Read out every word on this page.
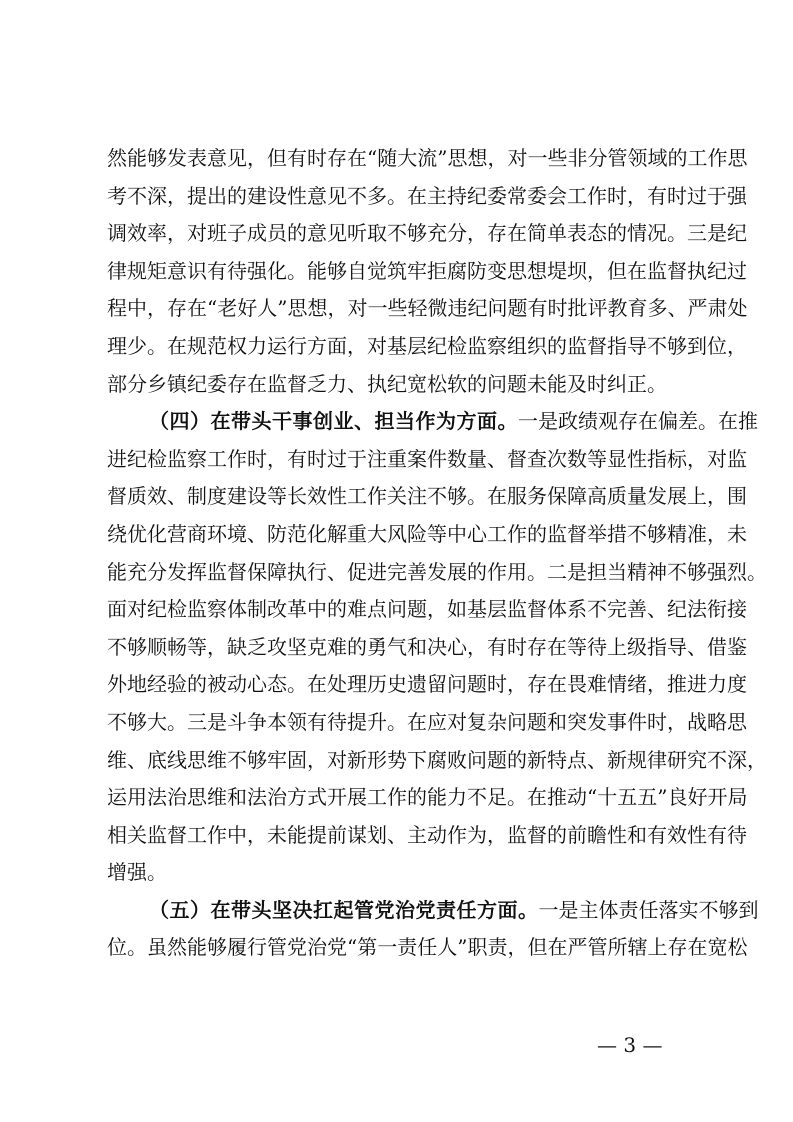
然能够发表意见，但有时存在“随大流”思想，对一些非分管领域的工作思
考不深，提出的建设性意见不多。在主持纪委常委会工作时，有时过于强
调效率，对班子成员的意见听取不够充分，存在简单表态的情况。三是纪
律规矩意识有待强化。能够自觉筑牢拒腐防变思想堤坝，但在监督执纪过
程中，存在“老好人”思想，对一些轻微违纪问题有时批评教育多、严肃处
理少。在规范权力运行方面，对基层纪检监察组织的监督指导不够到位，
部分乡镇纪委存在监督乏力、执纪宽松软的问题未能及时纠正。
（四）在带头干事创业、担当作为方面。一是政绩观存在偏差。在推
进纪检监察工作时，有时过于注重案件数量、督查次数等显性指标，对监
督质效、制度建设等长效性工作关注不够。在服务保障高质量发展上，围
绕优化营商环境、防范化解重大风险等中心工作的监督举措不够精准，未
能充分发挥监督保障执行、促进完善发展的作用。二是担当精神不够强烈。
面对纪检监察体制改革中的难点问题，如基层监督体系不完善、纪法衔接
不够顺畅等，缺乏攻坚克难的勇气和决心，有时存在等待上级指导、借鉴
外地经验的被动心态。在处理历史遗留问题时，存在畏难情绪，推进力度
不够大。三是斗争本领有待提升。在应对复杂问题和突发事件时，战略思
维、底线思维不够牢固，对新形势下腐败问题的新特点、新规律研究不深，
运用法治思维和法治方式开展工作的能力不足。在推动“十五五”良好开局
相关监督工作中，未能提前谋划、主动作为，监督的前瞻性和有效性有待
增强。
（五）在带头坚决扛起管党治党责任方面。一是主体责任落实不够到
位。虽然能够履行管党治党“第一责任人”职责，但在严管所辖上存在宽松
— 3 —
